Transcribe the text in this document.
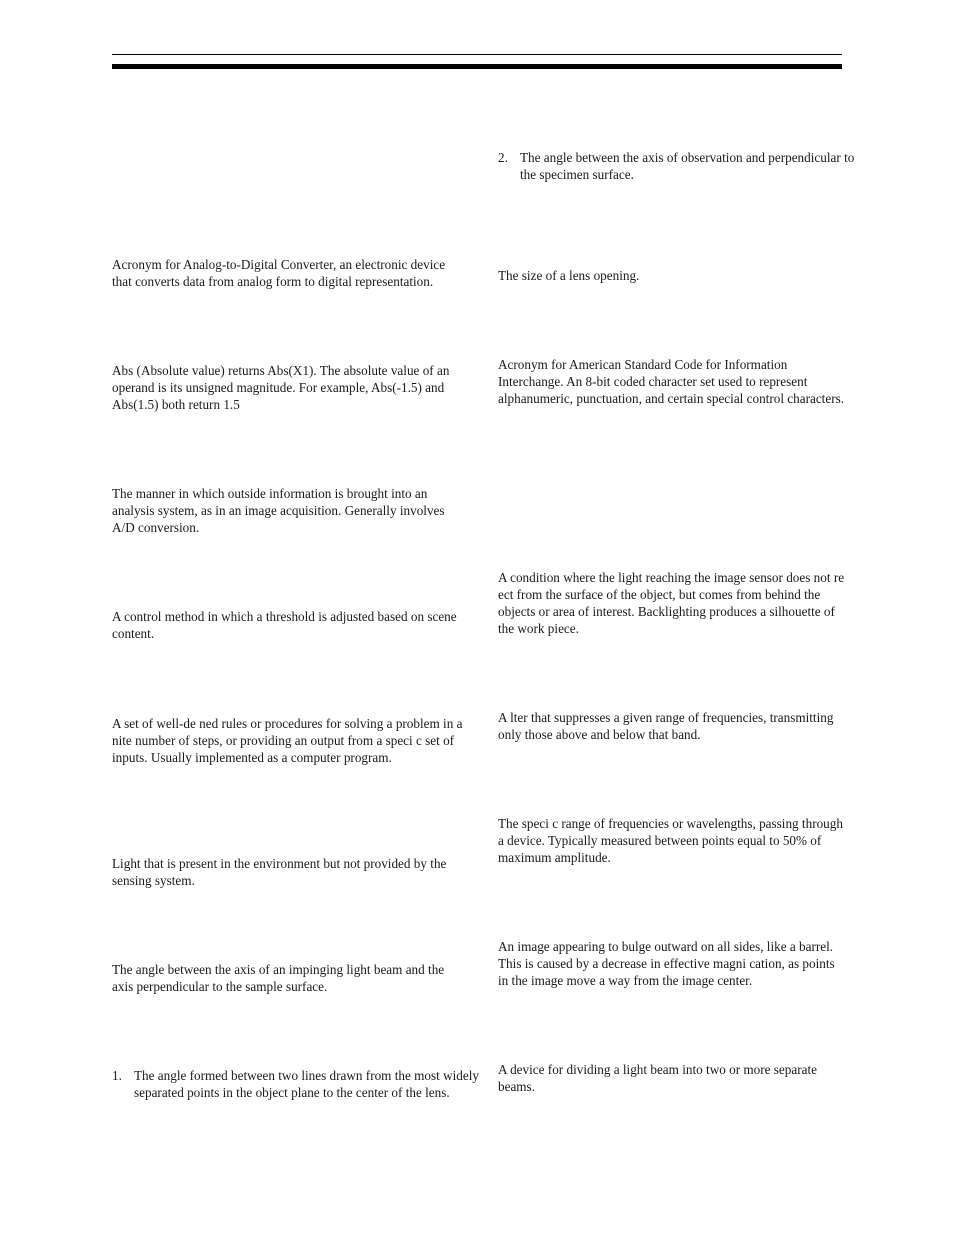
Acronym for Analog-to-Digital Converter, an electronic device that converts data from analog form to digital representation.

Abs (Absolute value) returns Abs(X1). The absolute value of an operand is its unsigned magnitude. For example, Abs(-1.5) and Abs(1.5) both return 1.5

The manner in which outside information is brought into an analysis system, as in an image acquisition. Generally involves A/D conversion.

A control method in which a threshold is adjusted based on scene content.

A set of well-de ned rules or procedures for solving a problem in a nite number of steps, or providing an output from a speci c set of inputs. Usually implemented as a computer program.

Light that is present in the environment but not provided by the sensing system.

The angle between the axis of an impinging light beam and the axis perpendicular to the sample surface.

1. The angle formed between two lines drawn from the most widely separated points in the object plane to the center of the lens.
2. The angle between the axis of observation and perpendicular to the specimen surface.

The size of a lens opening.

Acronym for American Standard Code for Information Interchange. An 8-bit coded character set used to represent alphanumeric, punctuation, and certain special control characters.

A condition where the light reaching the image sensor does not re ect from the surface of the object, but comes from behind the objects or area of interest. Backlighting produces a silhouette of the work piece.

A lter that suppresses a given range of frequencies, transmitting only those above and below that band.

The speci c range of frequencies or wavelengths, passing through a device. Typically measured between points equal to 50% of maximum amplitude.

An image appearing to bulge outward on all sides, like a barrel. This is caused by a decrease in effective magni cation, as points in the image move a way from the image center.

A device for dividing a light beam into two or more separate beams.
